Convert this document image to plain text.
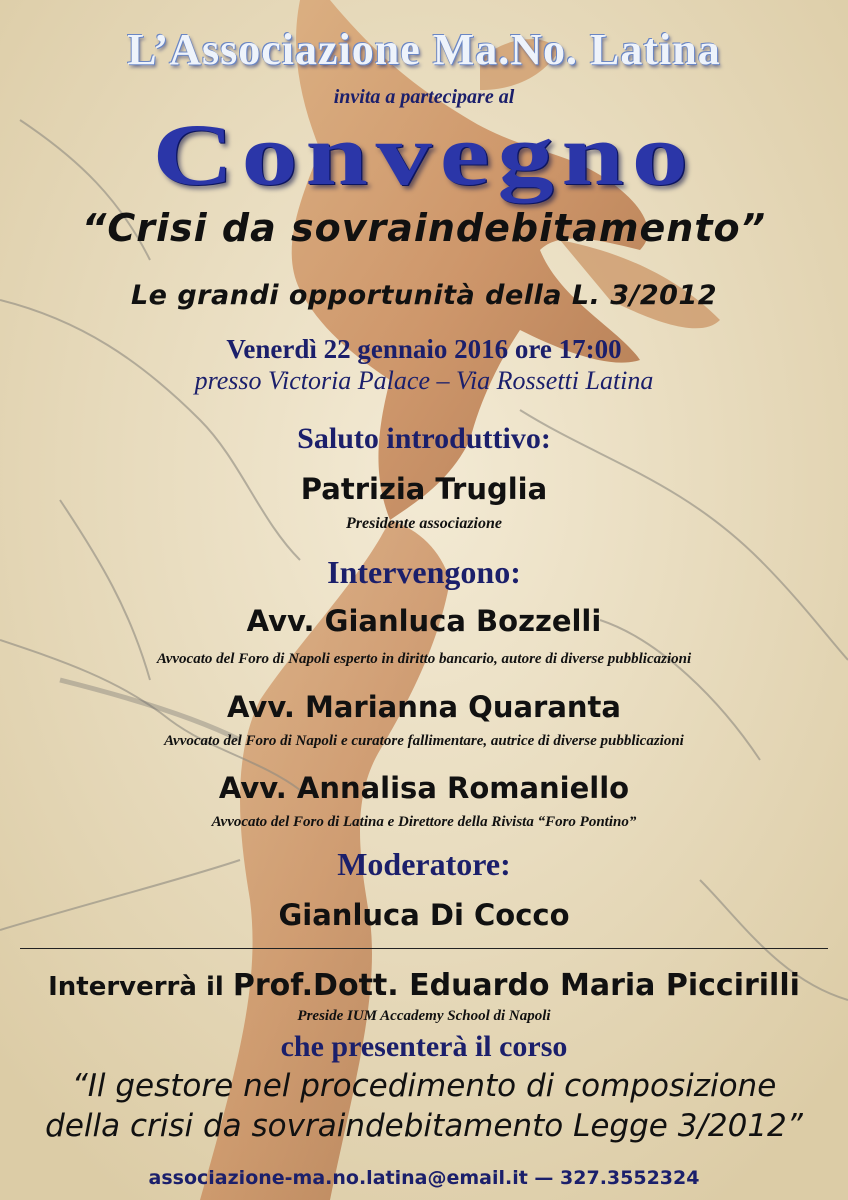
L’Associazione Ma.No. Latina
invita a partecipare al
Convegno
“Crisi da sovraindebitamento”
Le grandi opportunità della L. 3/2012
Venerdì 22 gennaio 2016 ore 17:00
presso Victoria Palace – Via Rossetti Latina
Saluto introduttivo:
Patrizia Truglia
Presidente associazione
Intervengono:
Avv. Gianluca Bozzelli
Avvocato del Foro di Napoli esperto in diritto bancario, autore di diverse pubblicazioni
Avv. Marianna Quaranta
Avvocato del Foro di Napoli e curatore fallimentare, autrice di diverse pubblicazioni
Avv. Annalisa Romaniello
Avvocato del Foro di Latina e Direttore della Rivista “Foro Pontino”
Moderatore:
Gianluca Di Cocco
Interverrà il Prof.Dott. Eduardo Maria Piccirilli
Preside IUM Accademy School di Napoli
che presenterà il corso
“Il gestore nel procedimento di composizione
della crisi da sovraindebitamento Legge 3/2012”
associazione-ma.no.latina@email.it — 327.3552324
